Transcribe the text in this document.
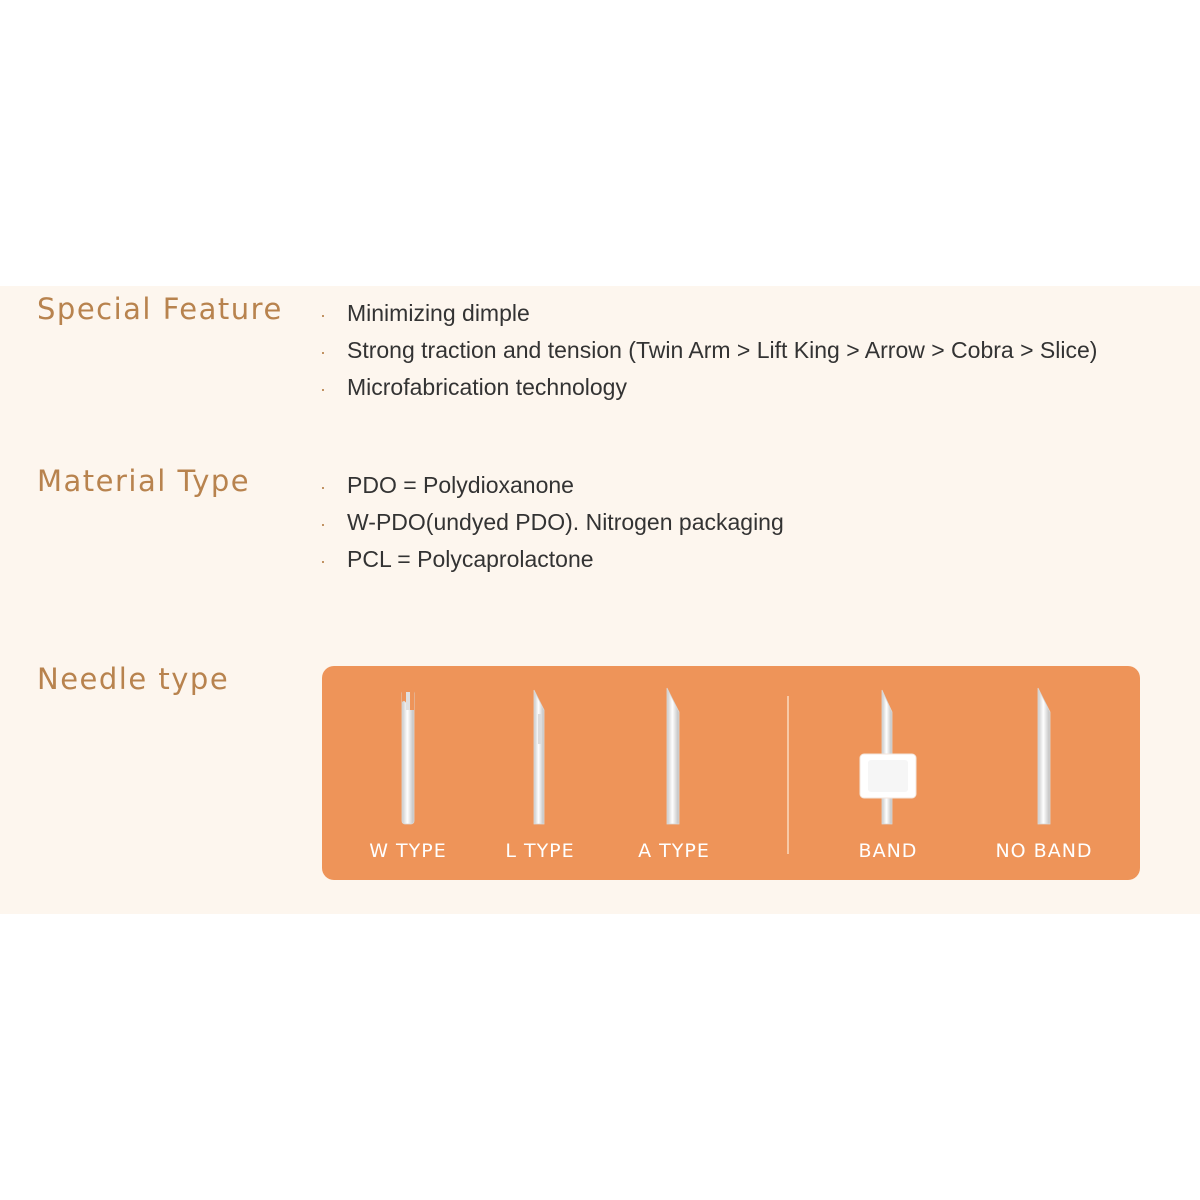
Special Feature · Minimizing dimple
· Strong traction and tension (Twin Arm > Lift King > Arrow > Cobra > Slice)
· Microfabrication technology
Material Type	· PDO = Polydioxanone
· W-PDO(undyed PDO). Nitrogen packaging
· PCL = Polycaprolactone
Needle type
W TYPE	L TYPE	A TYPE	BAND	NO BAND
